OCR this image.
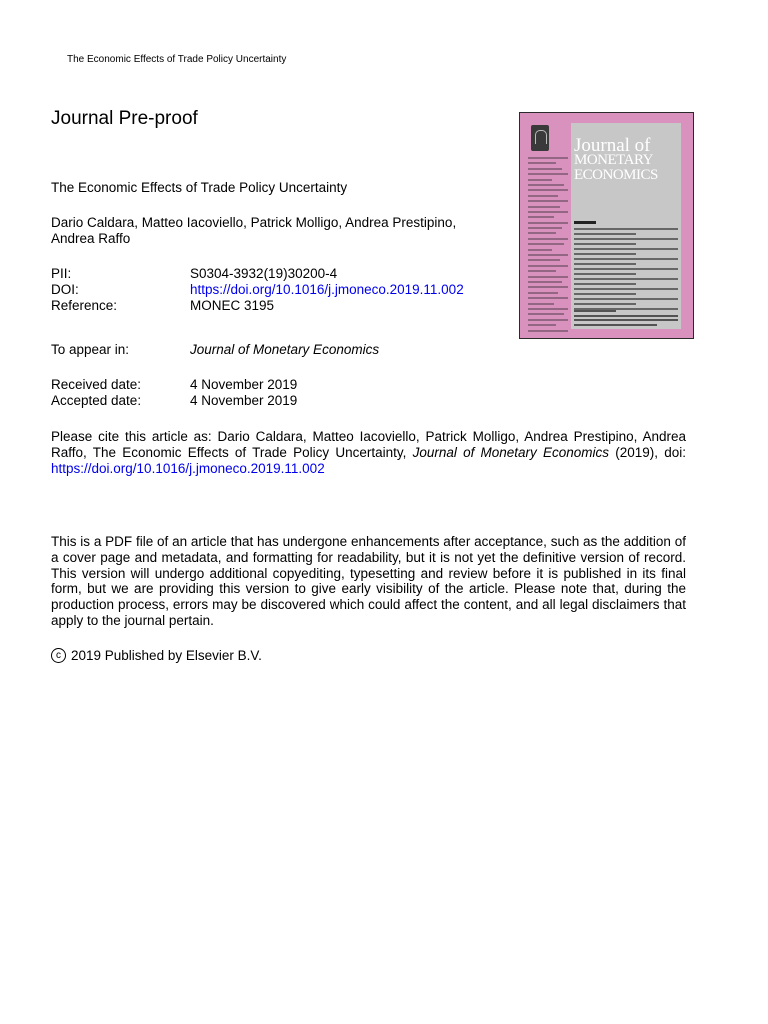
The Economic Effects of Trade Policy Uncertainty
Journal Pre-proof
The Economic Effects of Trade Policy Uncertainty
Dario Caldara, Matteo Iacoviello, Patrick Molligo, Andrea Prestipino, Andrea Raffo
PII:	S0304-3932(19)30200-4
DOI:	https://doi.org/10.1016/j.jmoneco.2019.11.002
Reference:	MONEC 3195
To appear in:	Journal of Monetary Economics
Received date:	4 November 2019
Accepted date:	4 November 2019
Please cite this article as: Dario Caldara, Matteo Iacoviello, Patrick Molligo, Andrea Prestipino, Andrea Raffo, The Economic Effects of Trade Policy Uncertainty, Journal of Monetary Economics (2019), doi: https://doi.org/10.1016/j.jmoneco.2019.11.002
This is a PDF file of an article that has undergone enhancements after acceptance, such as the addition of a cover page and metadata, and formatting for readability, but it is not yet the definitive version of record. This version will undergo additional copyediting, typesetting and review before it is published in its final form, but we are providing this version to give early visibility of the article. Please note that, during the production process, errors may be discovered which could affect the content, and all legal disclaimers that apply to the journal pertain.
c 2019 Published by Elsevier B.V.
Journal of
MONETARY
ECONOMICS
